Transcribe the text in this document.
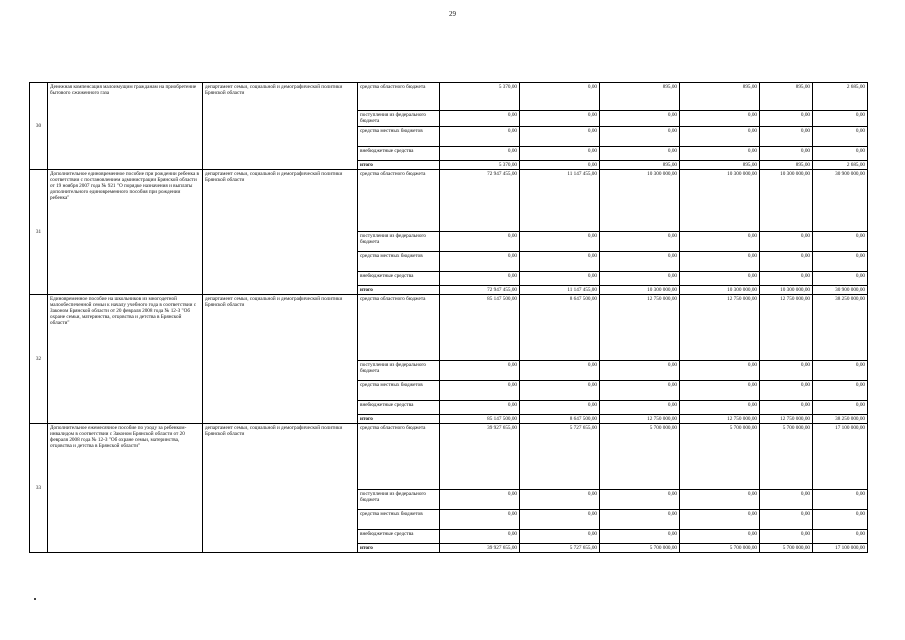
29
30	Денежная компенсация малоимущим гражданам на приобретение бытового сжиженного газа	департамент семьи, социальной и демографической политики Брянской области	средства областного бюджета	5 370,00	0,00	895,00	895,00	895,00	2 685,00
			поступления из федерального бюджета	0,00	0,00	0,00	0,00	0,00	0,00
			средства местных бюджетов	0,00	0,00	0,00	0,00	0,00	0,00
			внебюджетные средства	0,00	0,00	0,00	0,00	0,00	0,00
			итого	5 370,00	0,00	895,00	895,00	895,00	2 685,00
31	Дополнительное единовременное пособие при рождении ребенка в соответствии с постановлением администрации Брянской области от 19 ноября 2007 года № 921 "О порядке назначения и выплаты дополнительного единовременного пособия при рождении ребенка"	департамент семьи, социальной и демографической политики Брянской области	средства областного бюджета	72 947 455,00	11 147 455,00	10 300 000,00	10 300 000,00	10 300 000,00	30 900 000,00
			поступления из федерального бюджета	0,00	0,00	0,00	0,00	0,00	0,00
			средства местных бюджетов	0,00	0,00	0,00	0,00	0,00	0,00
			внебюджетные средства	0,00	0,00	0,00	0,00	0,00	0,00
			итого	72 947 455,00	11 147 455,00	10 300 000,00	10 300 000,00	10 300 000,00	30 900 000,00
32	Единовременное пособие на школьников из многодетной малообеспеченной семьи к началу учебного года в соответствии с Законом Брянской области от 20 февраля 2008 года № 12-З "Об охране семьи, материнства, отцовства и детства в Брянской области"	департамент семьи, социальной и демографической политики Брянской области	средства областного бюджета	85 147 500,00	8 647 500,00	12 750 000,00	12 750 000,00	12 750 000,00	38 250 000,00
			поступления из федерального бюджета	0,00	0,00	0,00	0,00	0,00	0,00
			средства местных бюджетов	0,00	0,00	0,00	0,00	0,00	0,00
			внебюджетные средства	0,00	0,00	0,00	0,00	0,00	0,00
			итого	85 147 500,00	8 647 500,00	12 750 000,00	12 750 000,00	12 750 000,00	38 250 000,00
33	Дополнительное ежемесячное пособие по уходу за ребенком-инвалидом в соответствии с Законом Брянской области от 20 февраля 2008 года № 12-З "Об охране семьи, материнства, отцовства и детства в Брянской области"	департамент семьи, социальной и демографической политики Брянской области	средства областного бюджета	39 927 655,00	5 727 655,00	5 700 000,00	5 700 000,00	5 700 000,00	17 100 000,00
			поступления из федерального бюджета	0,00	0,00	0,00	0,00	0,00	0,00
			средства местных бюджетов	0,00	0,00	0,00	0,00	0,00	0,00
			внебюджетные средства	0,00	0,00	0,00	0,00	0,00	0,00
			итого	39 927 655,00	5 727 655,00	5 700 000,00	5 700 000,00	5 700 000,00	17 100 000,00
